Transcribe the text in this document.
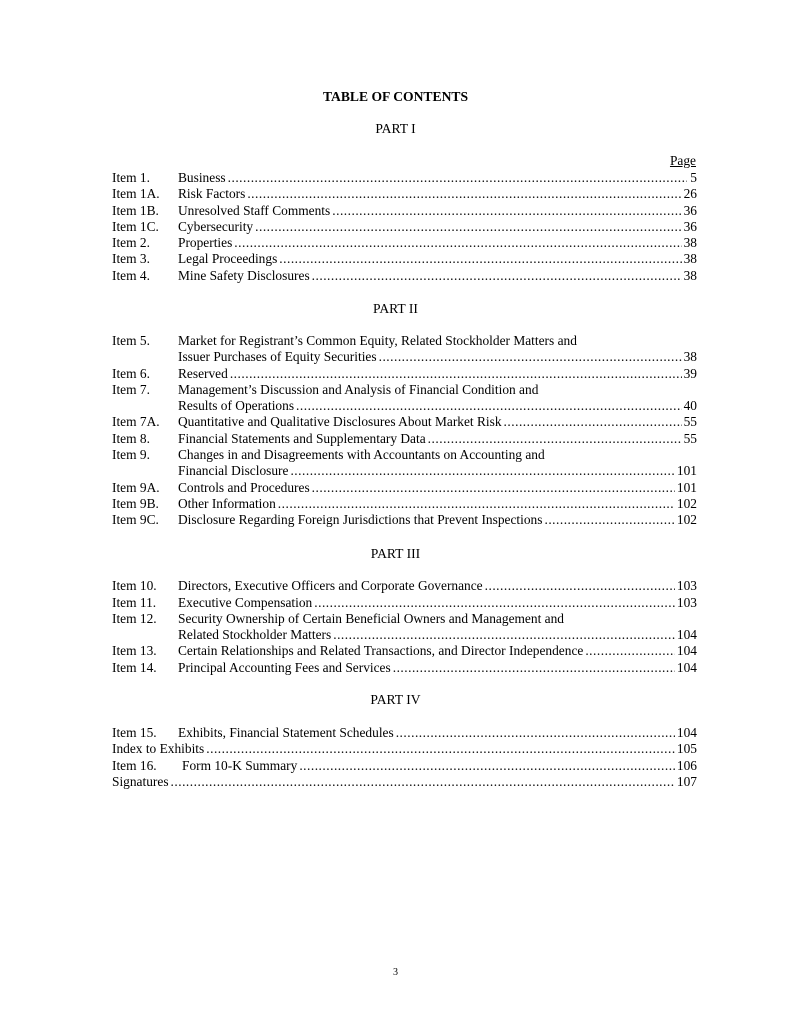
TABLE OF CONTENTS
PART I
Page
Item 1.	Business .....	5
Item 1A.	Risk Factors .....	26
Item 1B.	Unresolved Staff Comments .....	36
Item 1C.	Cybersecurity .....	36
Item 2.	Properties .....	38
Item 3.	Legal Proceedings .....	38
Item 4.	Mine Safety Disclosures .....	38
PART II
Item 5.	Market for Registrant’s Common Equity, Related Stockholder Matters and
Issuer Purchases of Equity Securities .....	38
Item 6.	Reserved .....	39
Item 7.	Management’s Discussion and Analysis of Financial Condition and
Results of Operations .....	40
Item 7A.	Quantitative and Qualitative Disclosures About Market Risk .....	55
Item 8.	Financial Statements and Supplementary Data .....	55
Item 9.	Changes in and Disagreements with Accountants on Accounting and
Financial Disclosure .....	101
Item 9A.	Controls and Procedures .....	101
Item 9B.	Other Information .....	102
Item 9C.	Disclosure Regarding Foreign Jurisdictions that Prevent Inspections .....	102
PART III
Item 10.	Directors, Executive Officers and Corporate Governance .....	103
Item 11.	Executive Compensation .....	103
Item 12.	Security Ownership of Certain Beneficial Owners and Management and
Related Stockholder Matters .....	104
Item 13.	Certain Relationships and Related Transactions, and Director Independence .....	104
Item 14.	Principal Accounting Fees and Services .....	104
PART IV
Item 15.	Exhibits, Financial Statement Schedules .....	104
Index to Exhibits .....	105
Item 16. Form 10-K Summary .....	106
Signatures .....	107
3
